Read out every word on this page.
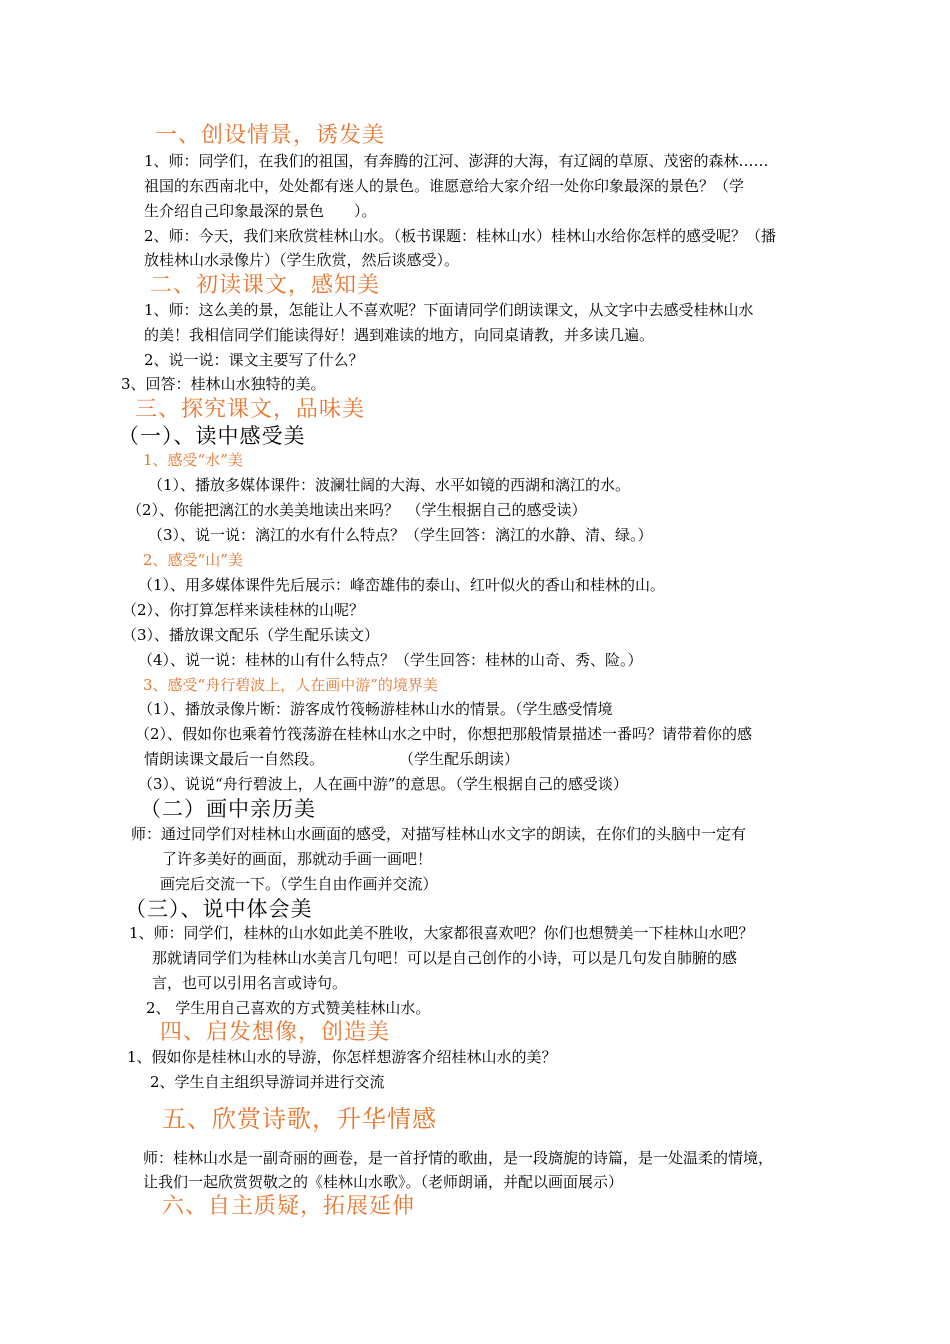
一、创设情景，诱发美
1、师：同学们，在我们的祖国，有奔腾的江河、澎湃的大海，有辽阔的草原、茂密的森林……
祖国的东西南北中，处处都有迷人的景色。谁愿意给大家介绍一处你印象最深的景色？（学
生介绍自己印象最深的景色　　）。
2、师：今天，我们来欣赏桂林山水。（板书课题：桂林山水）桂林山水给你怎样的感受呢？（播
放桂林山水录像片）（学生欣赏，然后谈感受）。
二、初读课文，感知美
1、师：这么美的景，怎能让人不喜欢呢？下面请同学们朗读课文，从文字中去感受桂林山水
的美！我相信同学们能读得好！遇到难读的地方，向同桌请教，并多读几遍。
2、说一说：课文主要写了什么？
3、回答：桂林山水独特的美。
三、探究课文，品味美
（一）、读中感受美
1、感受“水”美
（1）、播放多媒体课件：波澜壮阔的大海、水平如镜的西湖和漓江的水。
（2）、你能把漓江的水美美地读出来吗？　（学生根据自己的感受读）
（3）、说一说：漓江的水有什么特点？（学生回答：漓江的水静、清、绿。）
2、感受“山”美
（1）、用多媒体课件先后展示：峰峦雄伟的泰山、红叶似火的香山和桂林的山。
（2）、你打算怎样来读桂林的山呢？
（3）、播放课文配乐（学生配乐读文）
（4）、说一说：桂林的山有什么特点？（学生回答：桂林的山奇、秀、险。）
3、感受“舟行碧波上，人在画中游”的境界美
（1）、播放录像片断：游客成竹筏畅游桂林山水的情景。（学生感受情境
（2）、假如你也乘着竹筏荡游在桂林山水之中时，你想把那般情景描述一番吗？请带着你的感
情朗读课文最后一自然段。　　　　　　（学生配乐朗读）
（3）、说说“舟行碧波上，人在画中游”的意思。（学生根据自己的感受谈）
（二）画中亲历美
师：通过同学们对桂林山水画面的感受，对描写桂林山水文字的朗读，在你们的头脑中一定有
了许多美好的画面，那就动手画一画吧！
画完后交流一下。（学生自由作画并交流）
（三）、说中体会美
1、师：同学们，桂林的山水如此美不胜收，大家都很喜欢吧？你们也想赞美一下桂林山水吧？
那就请同学们为桂林山水美言几句吧！可以是自己创作的小诗，可以是几句发自肺腑的感
言，也可以引用名言或诗句。
2、 学生用自己喜欢的方式赞美桂林山水。
四、启发想像，创造美
1、假如你是桂林山水的导游，你怎样想游客介绍桂林山水的美？
2、学生自主组织导游词并进行交流
五、欣赏诗歌，升华情感
师：桂林山水是一副奇丽的画卷，是一首抒情的歌曲，是一段旖旎的诗篇，是一处温柔的情境，
让我们一起欣赏贺敬之的《桂林山水歌》。（老师朗诵，并配以画面展示）
六、自主质疑，拓展延伸
